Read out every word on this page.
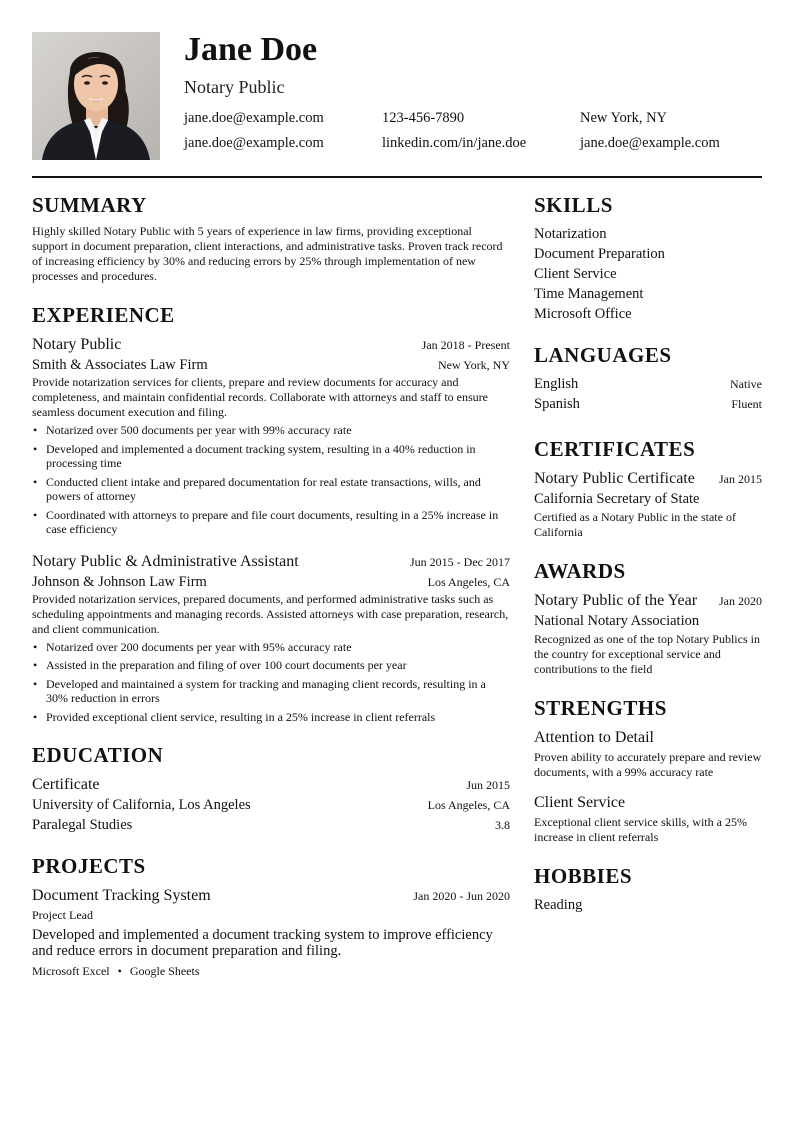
Jane Doe
Notary Public
jane.doe@example.com	123-456-7890	New York, NY
jane.doe@example.com	linkedin.com/in/jane.doe	jane.doe@example.com
SUMMARY
Highly skilled Notary Public with 5 years of experience in law firms, providing exceptional support in document preparation, client interactions, and administrative tasks. Proven track record of increasing efficiency by 30% and reducing errors by 25% through implementation of new processes and procedures.
EXPERIENCE
Notary Public	Jan 2018 - Present
Smith & Associates Law Firm	New York, NY
Provide notarization services for clients, prepare and review documents for accuracy and completeness, and maintain confidential records. Collaborate with attorneys and staff to ensure seamless document execution and filing.
• Notarized over 500 documents per year with 99% accuracy rate
• Developed and implemented a document tracking system, resulting in a 40% reduction in processing time
• Conducted client intake and prepared documentation for real estate transactions, wills, and powers of attorney
• Coordinated with attorneys to prepare and file court documents, resulting in a 25% increase in case efficiency
Notary Public & Administrative Assistant	Jun 2015 - Dec 2017
Johnson & Johnson Law Firm	Los Angeles, CA
Provided notarization services, prepared documents, and performed administrative tasks such as scheduling appointments and managing records. Assisted attorneys with case preparation, research, and client communication.
• Notarized over 200 documents per year with 95% accuracy rate
• Assisted in the preparation and filing of over 100 court documents per year
• Developed and maintained a system for tracking and managing client records, resulting in a 30% reduction in errors
• Provided exceptional client service, resulting in a 25% increase in client referrals
EDUCATION
Certificate	Jun 2015
University of California, Los Angeles	Los Angeles, CA
Paralegal Studies	3.8
PROJECTS
Document Tracking System	Jan 2020 - Jun 2020
Project Lead
Developed and implemented a document tracking system to improve efficiency and reduce errors in document preparation and filing.
Microsoft Excel • Google Sheets
SKILLS
Notarization
Document Preparation
Client Service
Time Management
Microsoft Office
LANGUAGES
English	Native
Spanish	Fluent
CERTIFICATES
Notary Public Certificate Jan 2015
California Secretary of State
Certified as a Notary Public in the state of California
AWARDS
Notary Public of the Year Jan 2020
National Notary Association
Recognized as one of the top Notary Publics in the country for exceptional service and contributions to the field
STRENGTHS
Attention to Detail
Proven ability to accurately prepare and review documents, with a 99% accuracy rate
Client Service
Exceptional client service skills, with a 25% increase in client referrals
HOBBIES
Reading
